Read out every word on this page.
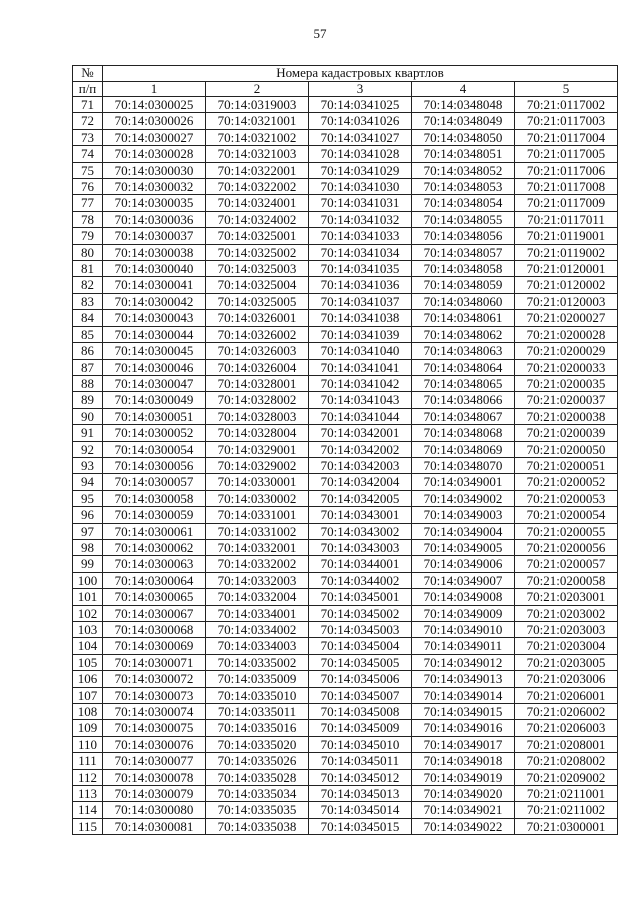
57
№	Номера кадастровых квартлов				
п/п	1	2	3	4	5
71	70:14:0300025	70:14:0319003	70:14:0341025	70:14:0348048	70:21:0117002
72	70:14:0300026	70:14:0321001	70:14:0341026	70:14:0348049	70:21:0117003
73	70:14:0300027	70:14:0321002	70:14:0341027	70:14:0348050	70:21:0117004
74	70:14:0300028	70:14:0321003	70:14:0341028	70:14:0348051	70:21:0117005
75	70:14:0300030	70:14:0322001	70:14:0341029	70:14:0348052	70:21:0117006
76	70:14:0300032	70:14:0322002	70:14:0341030	70:14:0348053	70:21:0117008
77	70:14:0300035	70:14:0324001	70:14:0341031	70:14:0348054	70:21:0117009
78	70:14:0300036	70:14:0324002	70:14:0341032	70:14:0348055	70:21:0117011
79	70:14:0300037	70:14:0325001	70:14:0341033	70:14:0348056	70:21:0119001
80	70:14:0300038	70:14:0325002	70:14:0341034	70:14:0348057	70:21:0119002
81	70:14:0300040	70:14:0325003	70:14:0341035	70:14:0348058	70:21:0120001
82	70:14:0300041	70:14:0325004	70:14:0341036	70:14:0348059	70:21:0120002
83	70:14:0300042	70:14:0325005	70:14:0341037	70:14:0348060	70:21:0120003
84	70:14:0300043	70:14:0326001	70:14:0341038	70:14:0348061	70:21:0200027
85	70:14:0300044	70:14:0326002	70:14:0341039	70:14:0348062	70:21:0200028
86	70:14:0300045	70:14:0326003	70:14:0341040	70:14:0348063	70:21:0200029
87	70:14:0300046	70:14:0326004	70:14:0341041	70:14:0348064	70:21:0200033
88	70:14:0300047	70:14:0328001	70:14:0341042	70:14:0348065	70:21:0200035
89	70:14:0300049	70:14:0328002	70:14:0341043	70:14:0348066	70:21:0200037
90	70:14:0300051	70:14:0328003	70:14:0341044	70:14:0348067	70:21:0200038
91	70:14:0300052	70:14:0328004	70:14:0342001	70:14:0348068	70:21:0200039
92	70:14:0300054	70:14:0329001	70:14:0342002	70:14:0348069	70:21:0200050
93	70:14:0300056	70:14:0329002	70:14:0342003	70:14:0348070	70:21:0200051
94	70:14:0300057	70:14:0330001	70:14:0342004	70:14:0349001	70:21:0200052
95	70:14:0300058	70:14:0330002	70:14:0342005	70:14:0349002	70:21:0200053
96	70:14:0300059	70:14:0331001	70:14:0343001	70:14:0349003	70:21:0200054
97	70:14:0300061	70:14:0331002	70:14:0343002	70:14:0349004	70:21:0200055
98	70:14:0300062	70:14:0332001	70:14:0343003	70:14:0349005	70:21:0200056
99	70:14:0300063	70:14:0332002	70:14:0344001	70:14:0349006	70:21:0200057
100	70:14:0300064	70:14:0332003	70:14:0344002	70:14:0349007	70:21:0200058
101	70:14:0300065	70:14:0332004	70:14:0345001	70:14:0349008	70:21:0203001
102	70:14:0300067	70:14:0334001	70:14:0345002	70:14:0349009	70:21:0203002
103	70:14:0300068	70:14:0334002	70:14:0345003	70:14:0349010	70:21:0203003
104	70:14:0300069	70:14:0334003	70:14:0345004	70:14:0349011	70:21:0203004
105	70:14:0300071	70:14:0335002	70:14:0345005	70:14:0349012	70:21:0203005
106	70:14:0300072	70:14:0335009	70:14:0345006	70:14:0349013	70:21:0203006
107	70:14:0300073	70:14:0335010	70:14:0345007	70:14:0349014	70:21:0206001
108	70:14:0300074	70:14:0335011	70:14:0345008	70:14:0349015	70:21:0206002
109	70:14:0300075	70:14:0335016	70:14:0345009	70:14:0349016	70:21:0206003
110	70:14:0300076	70:14:0335020	70:14:0345010	70:14:0349017	70:21:0208001
111	70:14:0300077	70:14:0335026	70:14:0345011	70:14:0349018	70:21:0208002
112	70:14:0300078	70:14:0335028	70:14:0345012	70:14:0349019	70:21:0209002
113	70:14:0300079	70:14:0335034	70:14:0345013	70:14:0349020	70:21:0211001
114	70:14:0300080	70:14:0335035	70:14:0345014	70:14:0349021	70:21:0211002
115	70:14:0300081	70:14:0335038	70:14:0345015	70:14:0349022	70:21:0300001
